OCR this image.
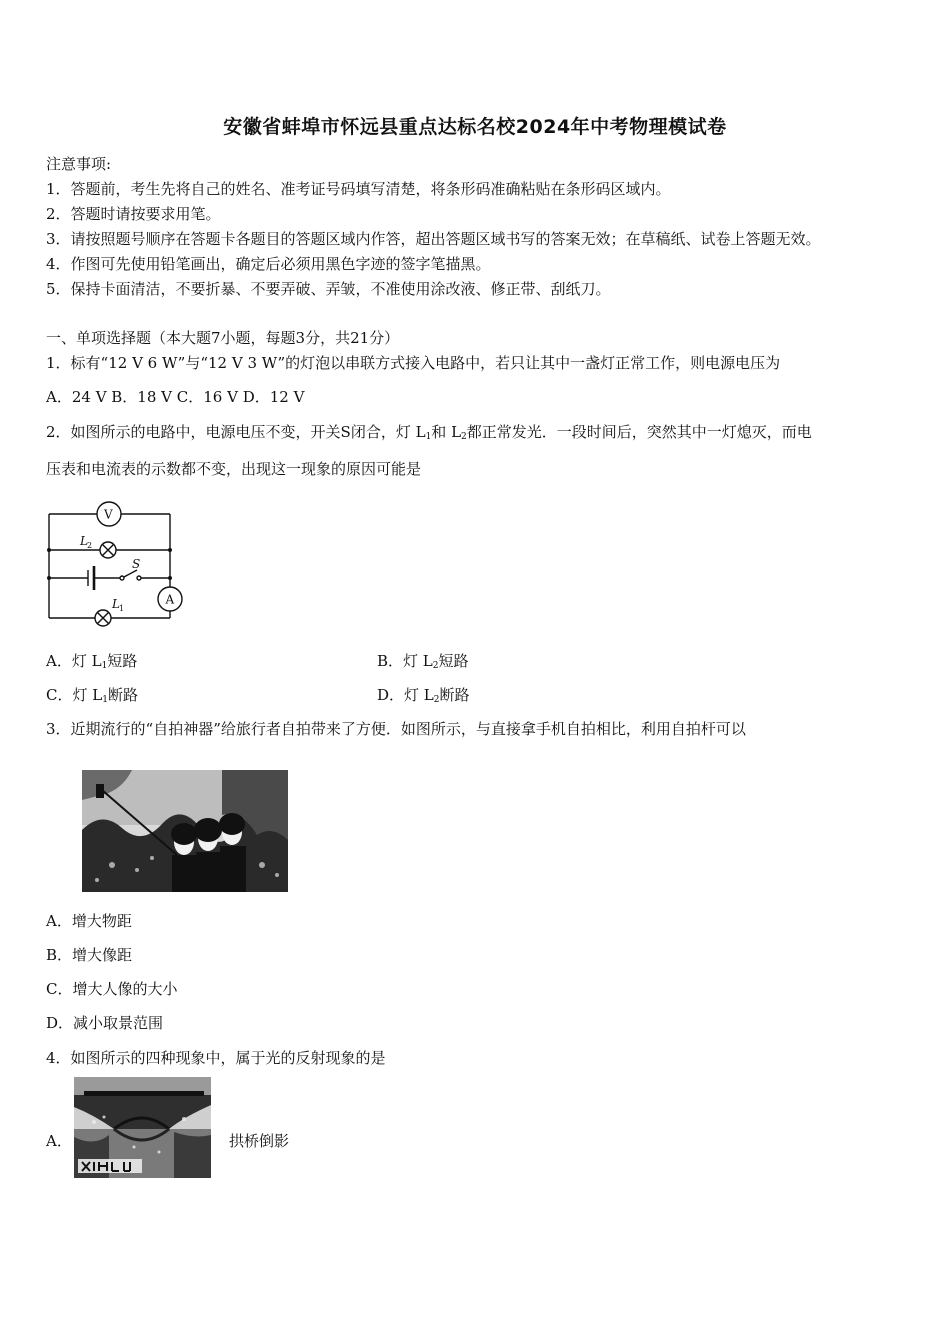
安徽省蚌埠市怀远县重点达标名校2024年中考物理模试卷
注意事项:
1．答题前，考生先将自己的姓名、准考证号码填写清楚，将条形码准确粘贴在条形码区域内。
2．答题时请按要求用笔。
3．请按照题号顺序在答题卡各题目的答题区域内作答，超出答题区域书写的答案无效；在草稿纸、试卷上答题无效。
4．作图可先使用铅笔画出，确定后必须用黑色字迹的签字笔描黑。
5．保持卡面清洁，不要折暴、不要弄破、弄皱，不准使用涂改液、修正带、刮纸刀。
一、单项选择题（本大题7小题，每题3分，共21分）
1．标有“12 V 6 W”与“12 V 3 W”的灯泡以串联方式接入电路中，若只让其中一盏灯正常工作，则电源电压为
A．24 V B．18 V C．16 V D．12 V
2．如图所示的电路中，电源电压不变，开关S闭合，灯 $L_1$和 $L_2$都正常发光．一段时间后，突然其中一灯熄灭，而电
压表和电流表的示数都不变，出现这一现象的原因可能是
V
A
L 2
L 1
S
A．灯 $L_1$短路	B．灯 $L_2$短路
C．灯 $L_1$断路	D．灯 $L_2$断路
3．近期流行的“自拍神器”给旅行者自拍带来了方便．如图所示，与直接拿手机自拍相比，利用自拍杆可以
A．增大物距
B．增大像距
C．增大人像的大小
D．减小取景范围
4．如图所示的四种现象中，属于光的反射现象的是
A．	拱桥倒影
